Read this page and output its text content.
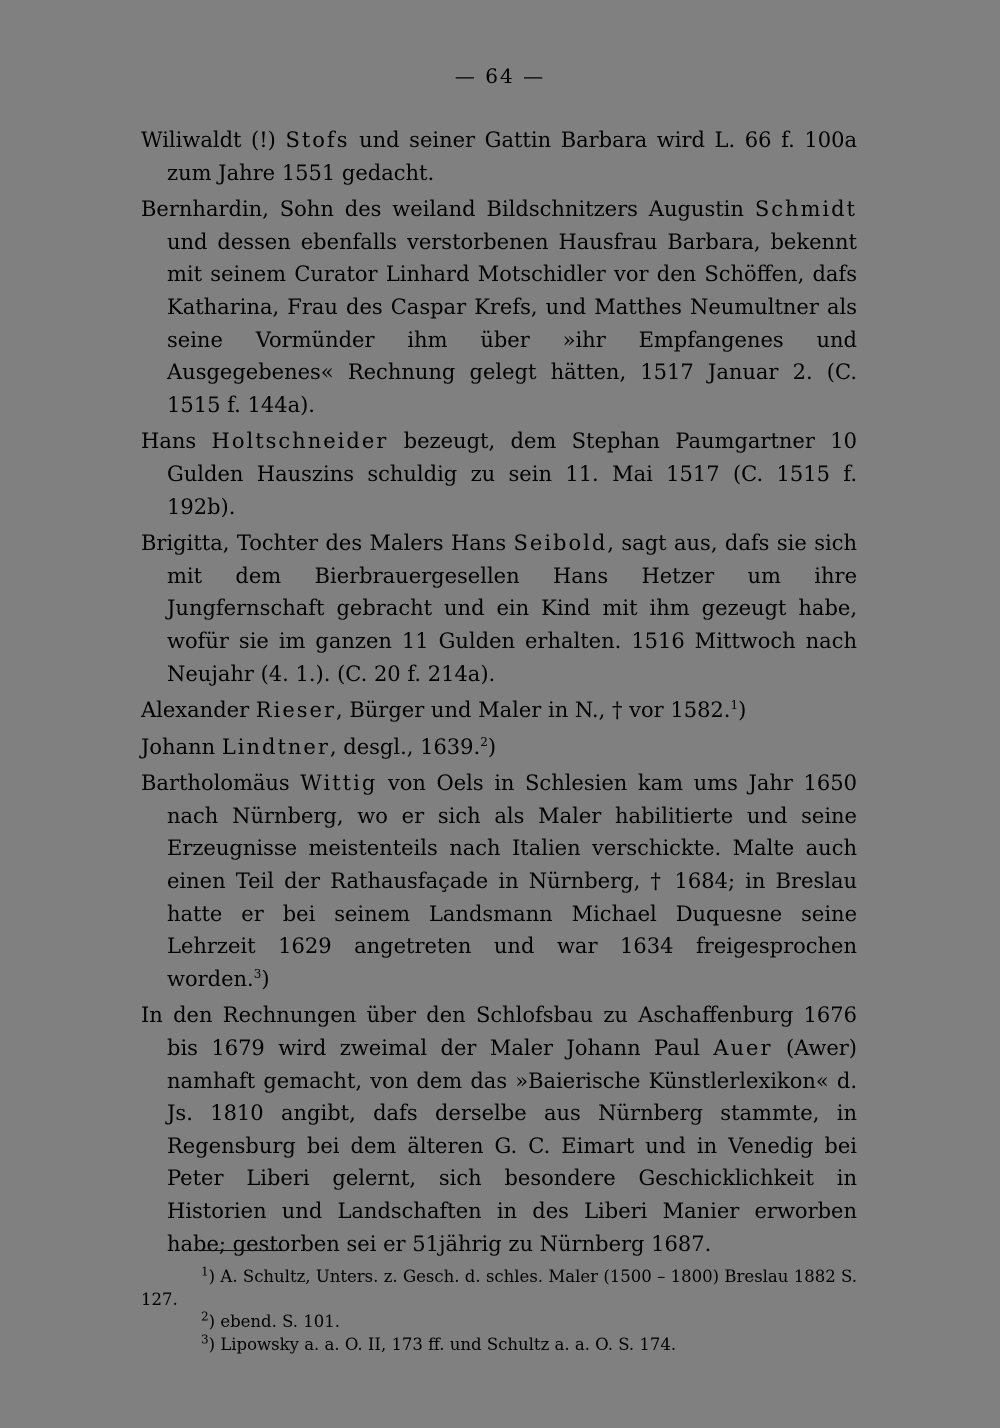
— 64 —

Wiliwaldt (!) Stofs und seiner Gattin Barbara wird L. 66 f. 100a zum Jahre 1551 gedacht.

Bernhardin, Sohn des weiland Bildschnitzers Augustin Schmidt und dessen ebenfalls verstorbenen Hausfrau Barbara, bekennt mit seinem Curator Linhard Motschidler vor den Schöffen, dafs Katharina, Frau des Caspar Krefs, und Matthes Neumultner als seine Vormünder ihm über »ihr Empfangenes und Ausgegebenes« Rechnung gelegt hätten, 1517 Januar 2. (C. 1515 f. 144a).

Hans Holtschneider bezeugt, dem Stephan Paumgartner 10 Gulden Hauszins schuldig zu sein 11. Mai 1517 (C. 1515 f. 192b).

Brigitta, Tochter des Malers Hans Seibold, sagt aus, dafs sie sich mit dem Bierbrauergesellen Hans Hetzer um ihre Jungfernschaft gebracht und ein Kind mit ihm gezeugt habe, wofür sie im ganzen 11 Gulden erhalten. 1516 Mittwoch nach Neujahr (4. 1.). (C. 20 f. 214a).

Alexander Rieser, Bürger und Maler in N., † vor 1582.$^1$)

Johann Lindtner, desgl., 1639.$^2$)

Bartholomäus Wittig von Oels in Schlesien kam ums Jahr 1650 nach Nürnberg, wo er sich als Maler habilitierte und seine Erzeugnisse meistenteils nach Italien verschickte. Malte auch einen Teil der Rathausfaçade in Nürnberg, † 1684; in Breslau hatte er bei seinem Landsmann Michael Duquesne seine Lehrzeit 1629 angetreten und war 1634 freigesprochen worden.$^3$)

In den Rechnungen über den Schlofsbau zu Aschaffenburg 1676 bis 1679 wird zweimal der Maler Johann Paul Auer (Awer) namhaft gemacht, von dem das »Baierische Künstlerlexikon« d. Js. 1810 angibt, dafs derselbe aus Nürnberg stammte, in Regensburg bei dem älteren G. C. Eimart und in Venedig bei Peter Liberi gelernt, sich besondere Geschicklichkeit in Historien und Landschaften in des Liberi Manier erworben habe; gestorben sei er 51jährig zu Nürnberg 1687.

$^1$) A. Schultz, Unters. z. Gesch. d. schles. Maler (1500 – 1800) Breslau 1882 S. 127.

$^2$) ebend. S. 101.

$^3$) Lipowsky a. a. O. II, 173 ff. und Schultz a. a. O. S. 174.
